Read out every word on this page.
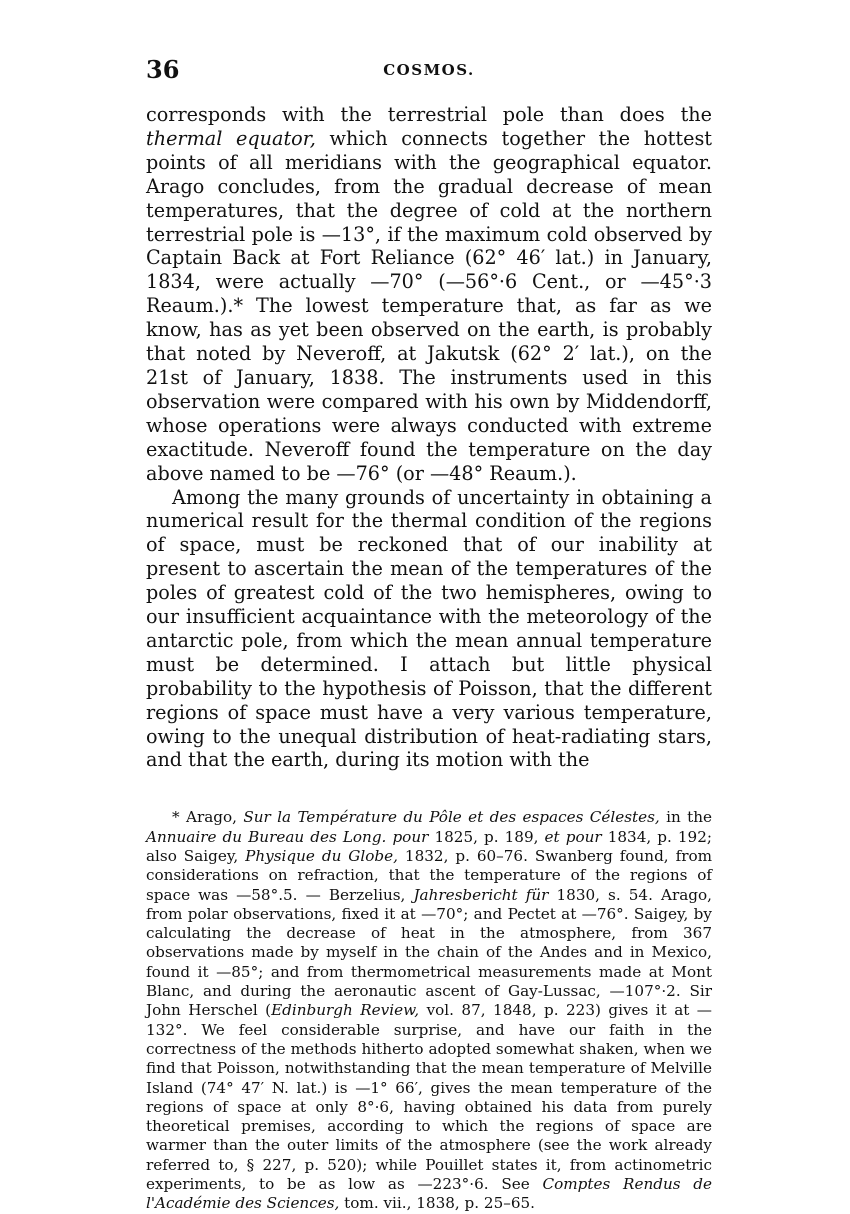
36	COSMOS.

corresponds with the terrestrial pole than does the thermal equator, which connects together the hottest points of all meridians with the geographical equator. Arago concludes, from the gradual decrease of mean temperatures, that the degree of cold at the northern terrestrial pole is —13°, if the maximum cold observed by Captain Back at Fort Reliance (62° 46′ lat.) in January, 1834, were actually —70° (—56°·6 Cent., or —45°·3 Reaum.).* The lowest temperature that, as far as we know, has as yet been observed on the earth, is probably that noted by Neveroff, at Jakutsk (62° 2′ lat.), on the 21st of January, 1838. The instruments used in this observation were compared with his own by Middendorff, whose operations were always conducted with extreme exactitude. Neveroff found the temperature on the day above named to be —76° (or —48° Reaum.).

Among the many grounds of uncertainty in obtaining a numerical result for the thermal condition of the regions of space, must be reckoned that of our inability at present to ascertain the mean of the temperatures of the poles of greatest cold of the two hemispheres, owing to our insufficient acquaintance with the meteorology of the antarctic pole, from which the mean annual temperature must be determined. I attach but little physical probability to the hypothesis of Poisson, that the different regions of space must have a very various temperature, owing to the unequal distribution of heat-radiating stars, and that the earth, during its motion with the

* Arago, Sur la Température du Pôle et des espaces Célestes, in the Annuaire du Bureau des Long. pour 1825, p. 189, et pour 1834, p. 192; also Saigey, Physique du Globe, 1832, p. 60–76. Swanberg found, from considerations on refraction, that the temperature of the regions of space was —58°.5. — Berzelius, Jahresbericht für 1830, s. 54. Arago, from polar observations, fixed it at —70°; and Pectet at —76°. Saigey, by calculating the decrease of heat in the atmosphere, from 367 observations made by myself in the chain of the Andes and in Mexico, found it —85°; and from thermometrical measurements made at Mont Blanc, and during the aeronautic ascent of Gay-Lussac, —107°·2. Sir John Herschel (Edinburgh Review, vol. 87, 1848, p. 223) gives it at —132°. We feel considerable surprise, and have our faith in the correctness of the methods hitherto adopted somewhat shaken, when we find that Poisson, notwithstanding that the mean temperature of Melville Island (74° 47′ N. lat.) is —1° 66′, gives the mean temperature of the regions of space at only 8°·6, having obtained his data from purely theoretical premises, according to which the regions of space are warmer than the outer limits of the atmosphere (see the work already referred to, § 227, p. 520); while Pouillet states it, from actinometric experiments, to be as low as —223°·6. See Comptes Rendus de l'Académie des Sciences, tom. vii., 1838, p. 25–65.
